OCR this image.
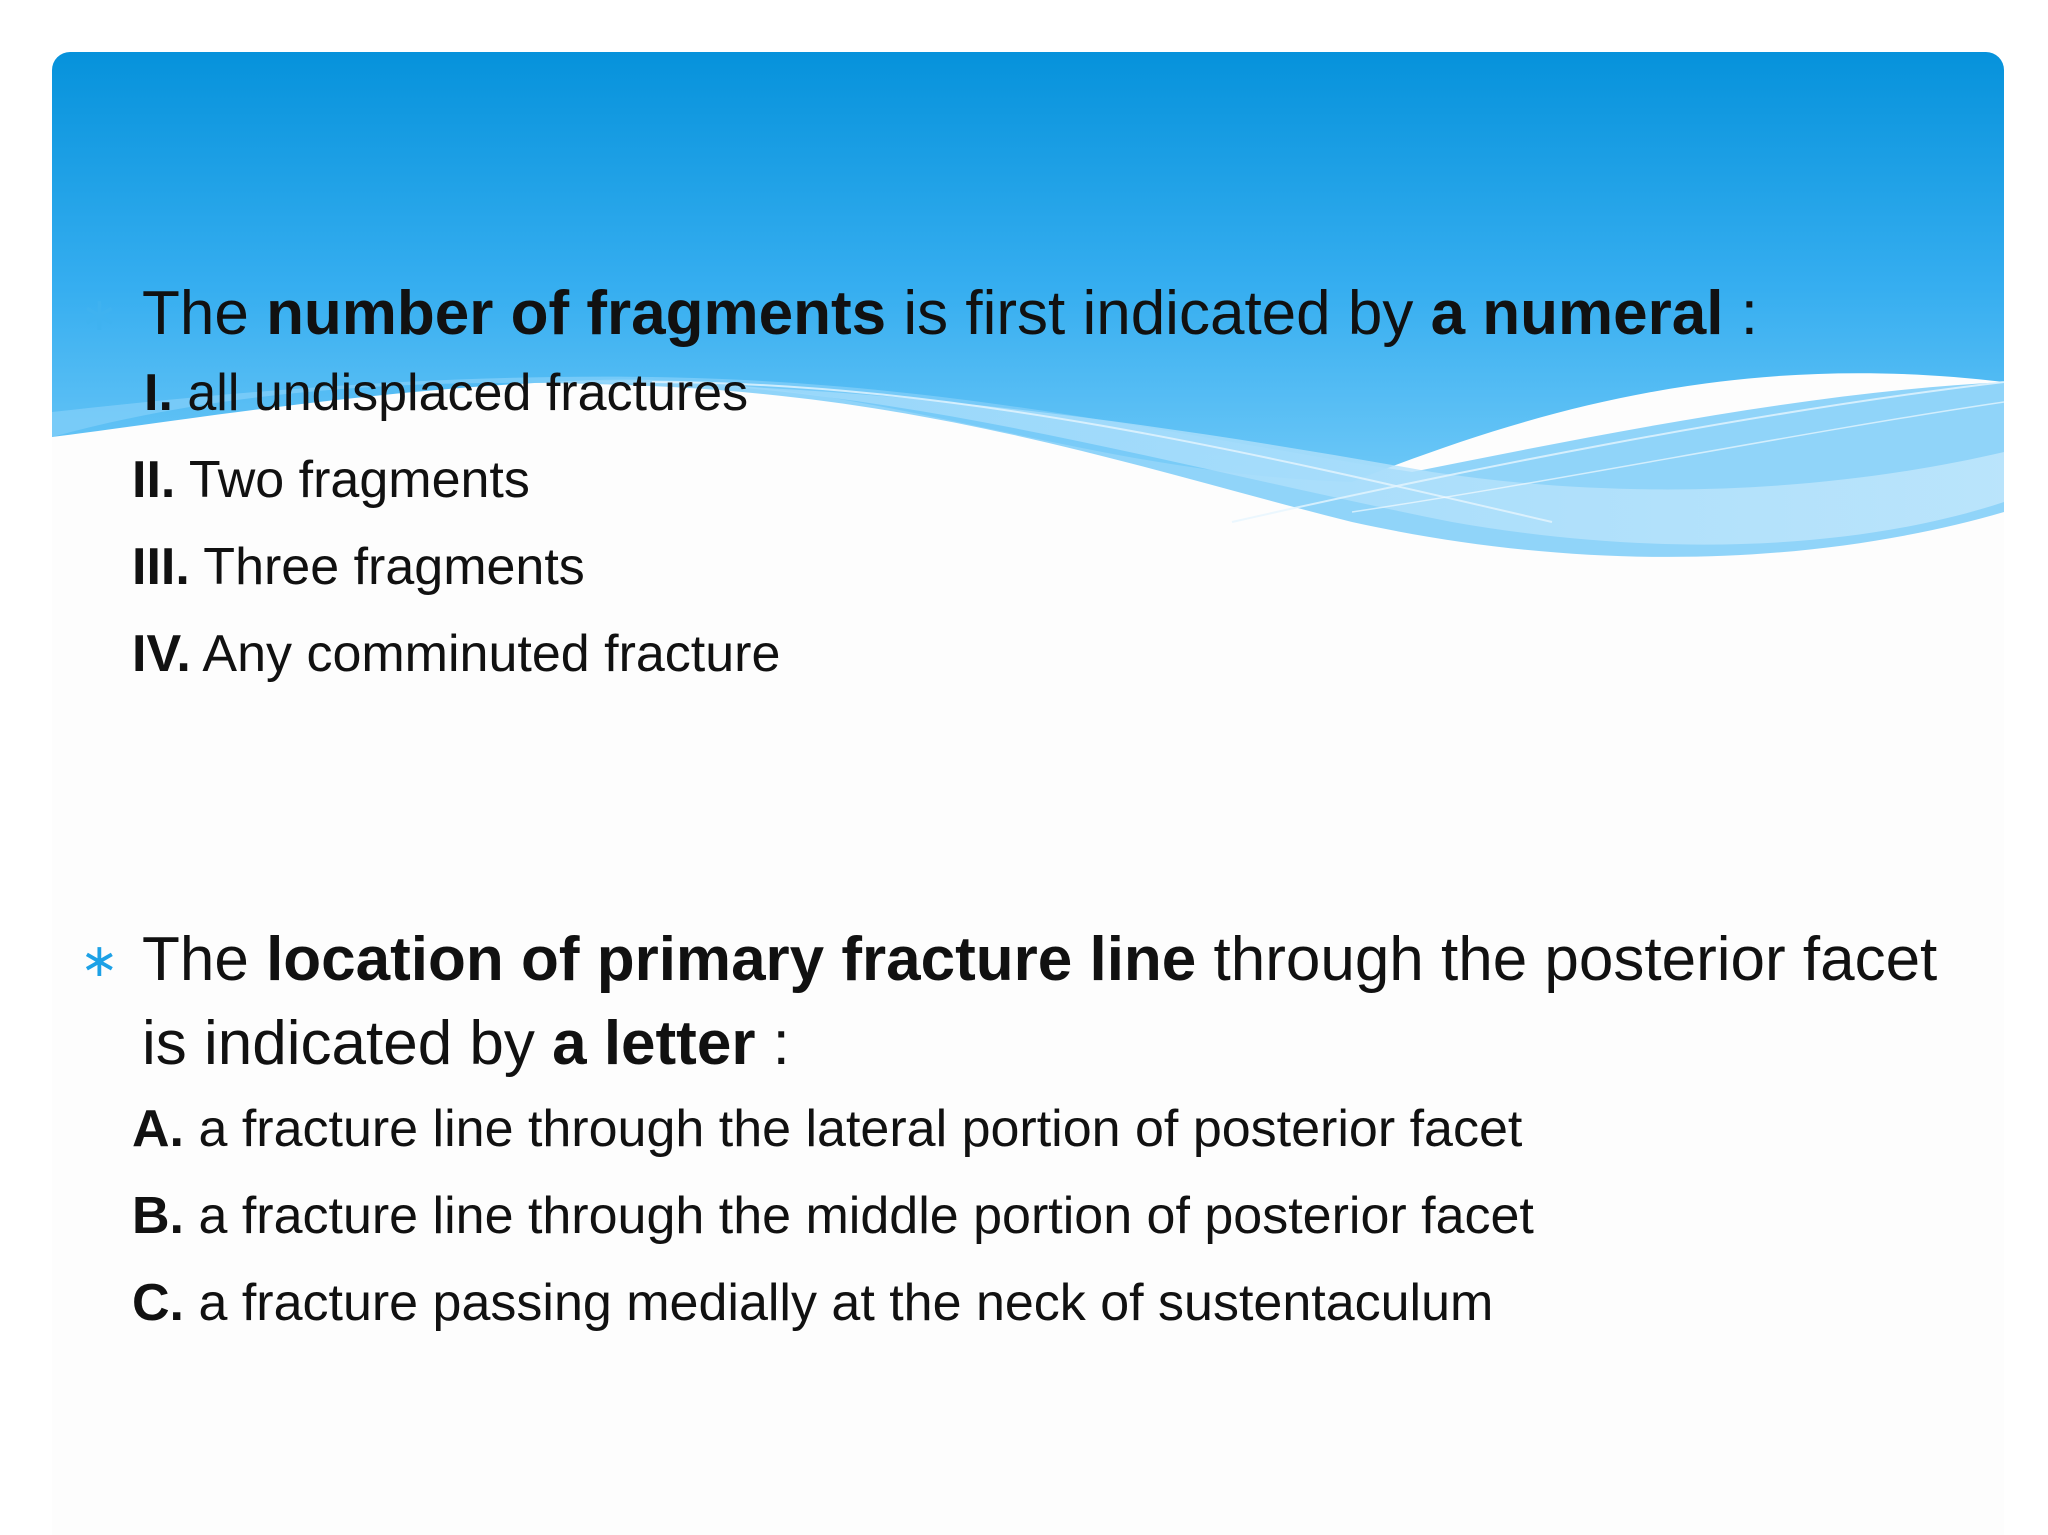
∗ The number of fragments is first indicated by a numeral :
I. all undisplaced fractures
II. Two fragments
III. Three fragments
IV. Any comminuted fracture
∗ The location of primary fracture line through the posterior facet is indicated by a letter :
A. a fracture line through the lateral portion of posterior facet
B. a fracture line through the middle portion of posterior facet
C. a fracture passing medially at the neck of sustentaculum
